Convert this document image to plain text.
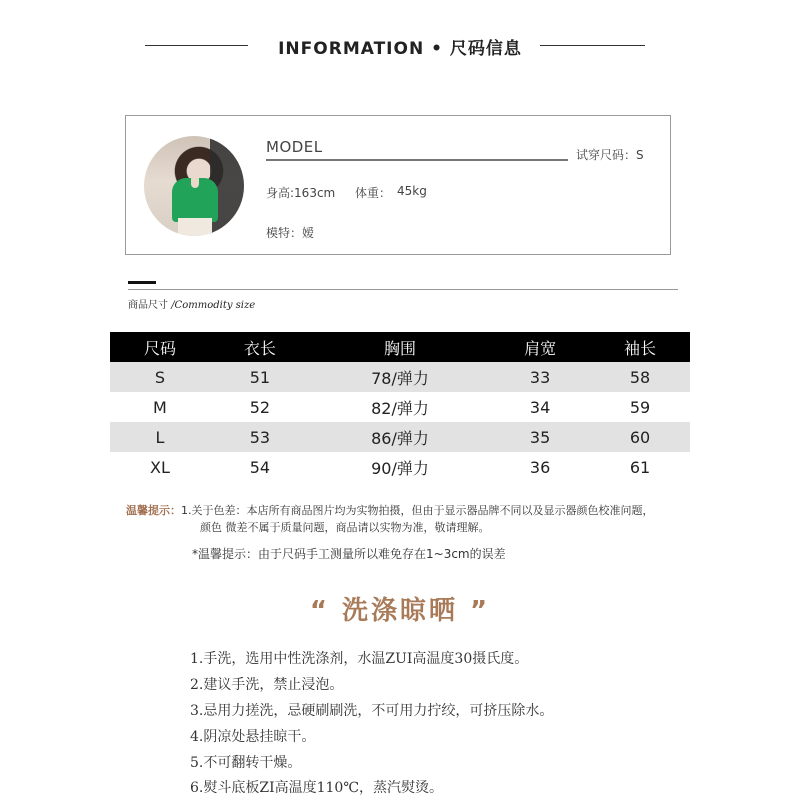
INFORMATION • 尺码信息
MODEL	试穿尺码：S
身高:163cm 体重： 45kg
模特：嫒
商品尺寸 /Commodity size
尺码	衣长	胸围	肩宽	袖长
S	51	78/弹力	33	58
M	52	82/弹力	34	59
L	53	86/弹力	35	60
XL	54	90/弹力	36	61
温馨提示：1.关于色差：本店所有商品图片均为实物拍摄，但由于显示器品牌不同以及显示器颜色校准问题，
颜色 微差不属于质量问题，商品请以实物为准，敬请理解。
*温馨提示：由于尺码手工测量所以难免存在1~3cm的误差
“ 洗涤晾晒 ”
1.手洗，选用中性洗涤剂，水温ZUI高温度30摄氏度。
2.建议手洗，禁止浸泡。
3.忌用力搓洗，忌硬刷刷洗，不可用力拧绞，可挤压除水。
4.阴凉处悬挂晾干。
5.不可翻转干燥。
6.熨斗底板ZI高温度110℃，蒸汽熨烫。
